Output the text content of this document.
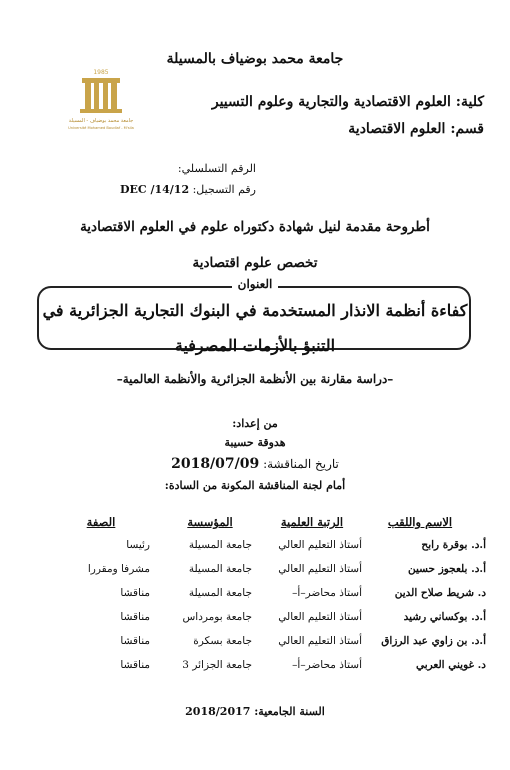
جامعة محمد بوضياف بالمسيلة
1985
جامعة محمد بوضياف - المسيلة
Université Mohamed Boudiaf - M'sila
كلية: العلوم الاقتصادية والتجارية وعلوم التسيير
قسم: العلوم الاقتصادية
الرقم التسلسلي:
رقم التسجيل: DEC /14/12
أطروحة مقدمة لنيل شهادة دكتوراه علوم في العلوم الاقتصادية
تخصص علوم اقتصادية
العنوان
كفاءة أنظمة الانذار المستخدمة في البنوك التجارية الجزائرية في
التنبؤ بالأزمات المصرفية
–دراسة مقارنة بين الأنظمة الجزائرية والأنظمة العالمية–
من إعداد:
هدوقة حسيبة
تاريخ المناقشة: 2018/07/09
أمام لجنة المناقشة المكونة من السادة:
الاسم واللقب
الرتبة العلمية
المؤسسة
الصفة
أ.د. بوقرة رابح
أستاذ التعليم العالي
جامعة المسيلة
رئيسا
أ.د. بلعجوز حسين
أستاذ التعليم العالي
جامعة المسيلة
مشرفا ومقررا
د. شريط صلاح الدين
أستاذ محاضر–أ–
جامعة المسيلة
مناقشا
أ.د. بوكساني رشيد
أستاذ التعليم العالي
جامعة بومرداس
مناقشا
أ.د. بن زاوي عبد الرزاق
أستاذ التعليم العالي
جامعة بسكرة
مناقشا
د. غويني العربي
أستاذ محاضر–أ–
جامعة الجزائر 3
مناقشا
السنة الجامعية: 2018/2017
